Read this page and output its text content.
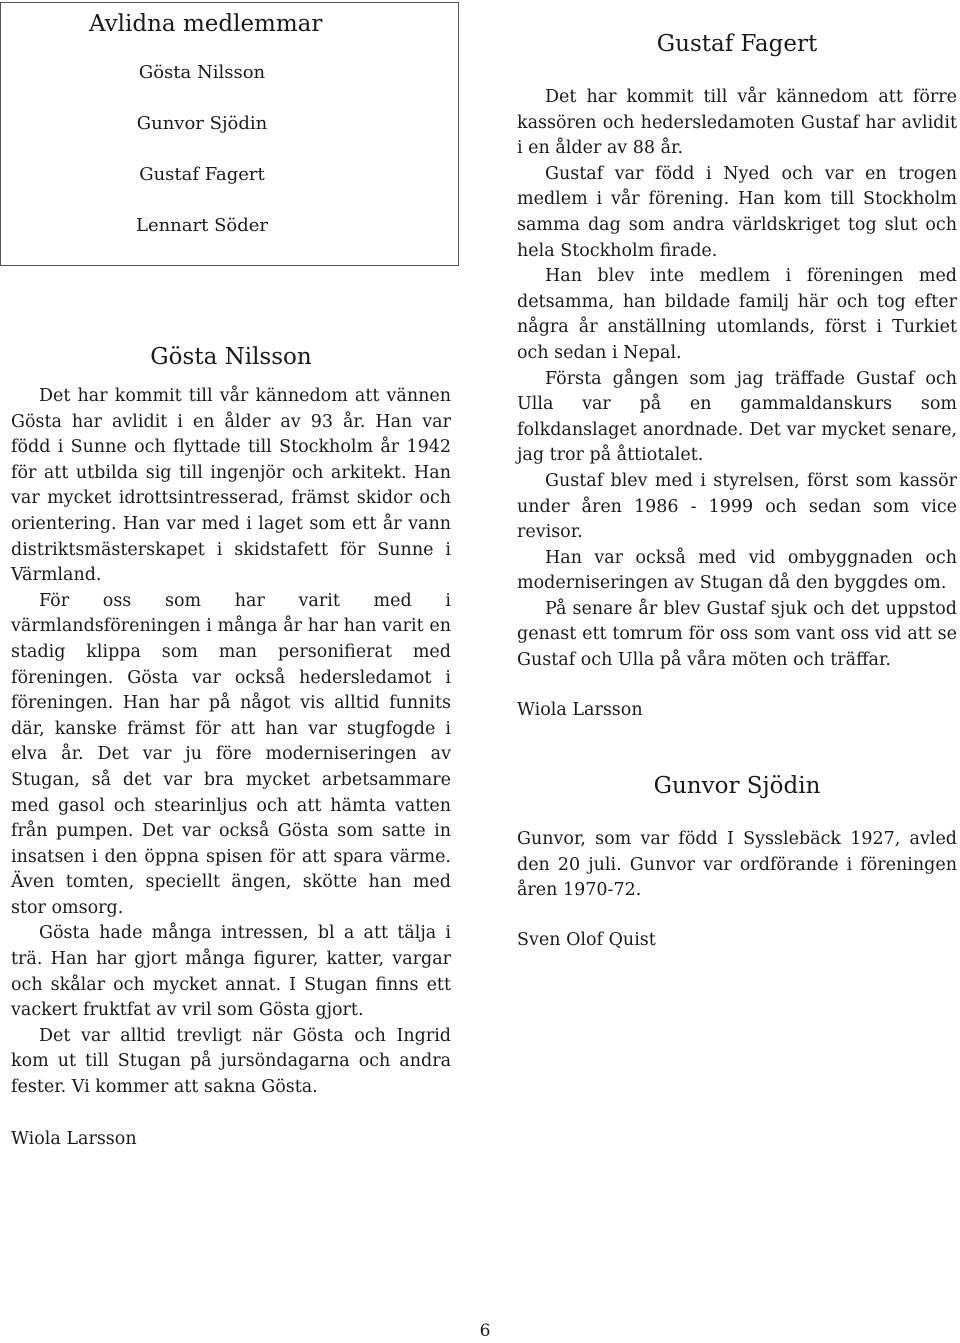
Avlidna medlemmar
Gösta Nilsson
Gunvor Sjödin
Gustaf Fagert
Lennart Söder
Gösta Nilsson

Det har kommit till vår kännedom att vännen Gösta har avlidit i en ålder av 93 år. Han var född i Sunne och flyttade till Stockholm år 1942 för att utbilda sig till ingenjör och arkitekt. Han var mycket idrottsintresserad, främst skidor och orientering. Han var med i laget som ett år vann distriktsmästerskapet i skidstafett för Sunne i Värmland.

För oss som har varit med i värmlandsföreningen i många år har han varit en stadig klippa som man personifierat med föreningen. Gösta var också hedersledamot i föreningen. Han har på något vis alltid funnits där, kanske främst för att han var stugfogde i elva år. Det var ju före moderniseringen av Stugan, så det var bra mycket arbetsammare med gasol och stearinljus och att hämta vatten från pumpen. Det var också Gösta som satte in insatsen i den öppna spisen för att spara värme. Även tomten, speciellt ängen, skötte han med stor omsorg.

Gösta hade många intressen, bl a att tälja i trä. Han har gjort många figurer, katter, vargar och skålar och mycket annat. I Stugan finns ett vackert fruktfat av vril som Gösta gjort.

Det var alltid trevligt när Gösta och Ingrid kom ut till Stugan på jursöndagarna och andra fester. Vi kommer att sakna Gösta.

Wiola Larsson

Gustaf Fagert

Det har kommit till vår kännedom att förre kassören och hedersledamoten Gustaf har avlidit i en ålder av 88 år.

Gustaf var född i Nyed och var en trogen medlem i vår förening. Han kom till Stockholm samma dag som andra världskriget tog slut och hela Stockholm firade.

Han blev inte medlem i föreningen med detsamma, han bildade familj här och tog efter några år anställning utomlands, först i Turkiet och sedan i Nepal.

Första gången som jag träffade Gustaf och Ulla var på en gammaldanskurs som folkdanslaget anordnade. Det var mycket senare, jag tror på åttiotalet.

Gustaf blev med i styrelsen, först som kassör under åren 1986 - 1999 och sedan som vice revisor.

Han var också med vid ombyggnaden och moderniseringen av Stugan då den byggdes om.

På senare år blev Gustaf sjuk och det uppstod genast ett tomrum för oss som vant oss vid att se Gustaf och Ulla på våra möten och träffar.

Wiola Larsson

Gunvor Sjödin

Gunvor, som var född I Sysslebäck 1927, avled den 20 juli. Gunvor var ordförande i föreningen åren 1970-72.

Sven Olof Quist

6
